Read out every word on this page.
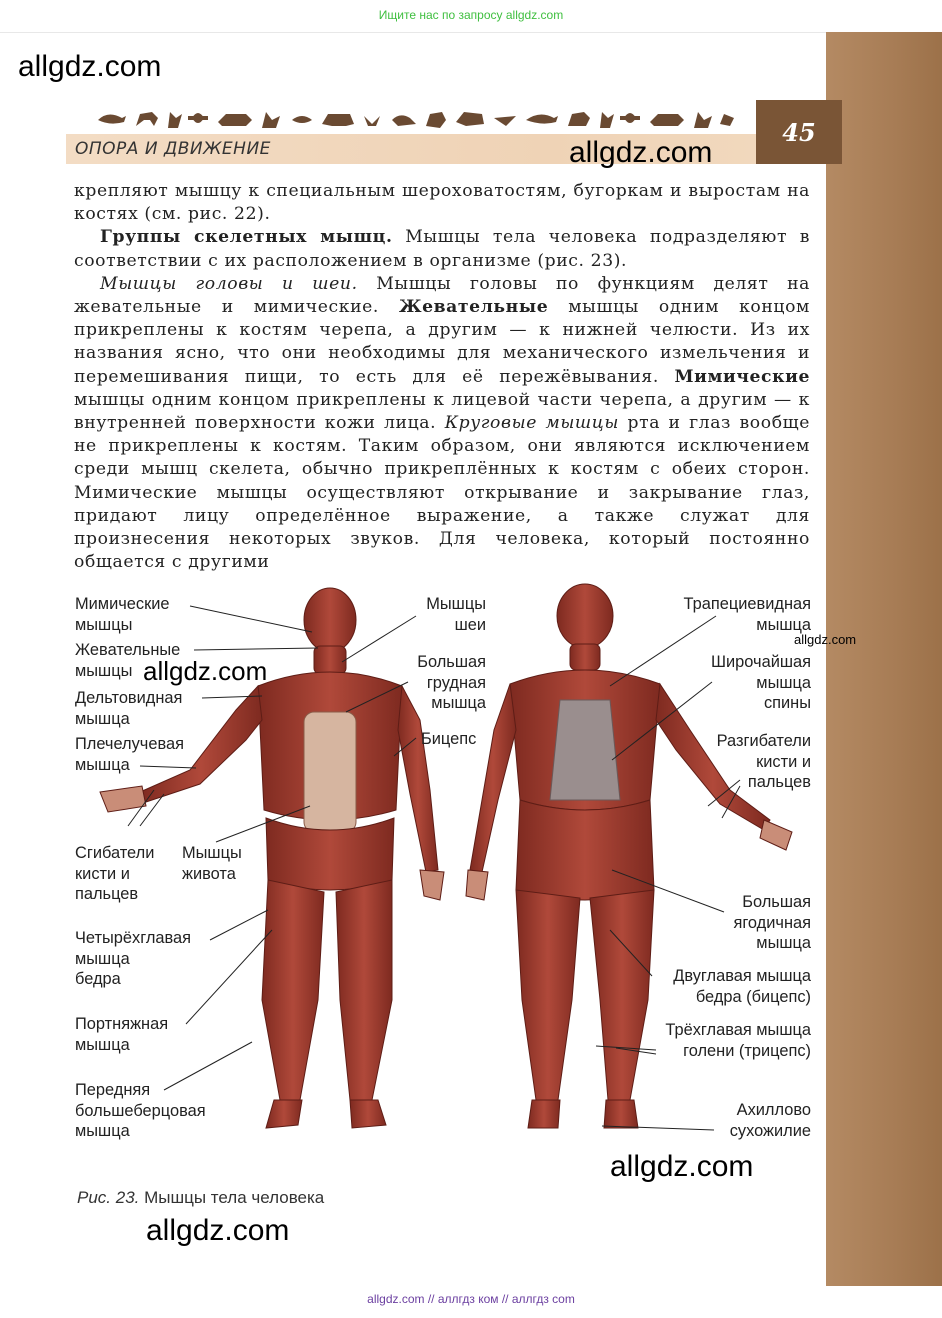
Ищите нас по запросу allgdz.com
allgdz.com
45
ОПОРА И ДВИЖЕНИЕ	allgdz.com

крепляют мышцу к специальным шероховатостям, бугоркам и выростам на костях (см. рис. 22).

Группы скелетных мышц. Мышцы тела человека подразделяют в соответствии с их расположением в организме (рис. 23).

Мышцы головы и шеи. Мышцы головы по функциям делят на жевательные и мимические. Жевательные мышцы одним концом прикреплены к костям черепа, а другим — к нижней челюсти. Из их названия ясно, что они необходимы для механического измельчения и перемешивания пищи, то есть для её пережёвывания. Мимические мышцы одним концом прикреплены к лицевой части черепа, а другим — к внутренней поверхности кожи лица. Круговые мышцы рта и глаз вообще не прикреплены к костям. Таким образом, они являются исключением среди мышц скелета, обычно прикреплённых к костям с обеих сторон. Мимические мышцы осуществляют открывание и закрывание глаз, придают лицу определённое выражение, а также служат для произнесения некоторых звуков. Для человека, который постоянно общается с другими

Мимические
мышцы
Жевательные
мышцы
Дельтовидная
мышца
Плечелучевая
мышца
Сгибатели
кисти и
пальцев
Мышцы
живота
Четырёхглавая
мышца
бедра
Портняжная
мышца
Передняя
большеберцовая
мышца
Мышцы
шеи
Большая
грудная
мышца
Бицепс
Трапециевидная
мышца
Широчайшая
мышца
спины
Разгибатели
кисти и
пальцев
Большая
ягодичная
мышца
Двуглавая мышца
бедра (бицепс)
Трёхглавая мышца
голени (трицепс)
Ахиллово
сухожилие
allgdz.com
allgdz.com
allgdz.com
allgdz.com
Рис. 23. Мышцы тела человека
allgdz.com // аллгдз ком // аллгдз com
